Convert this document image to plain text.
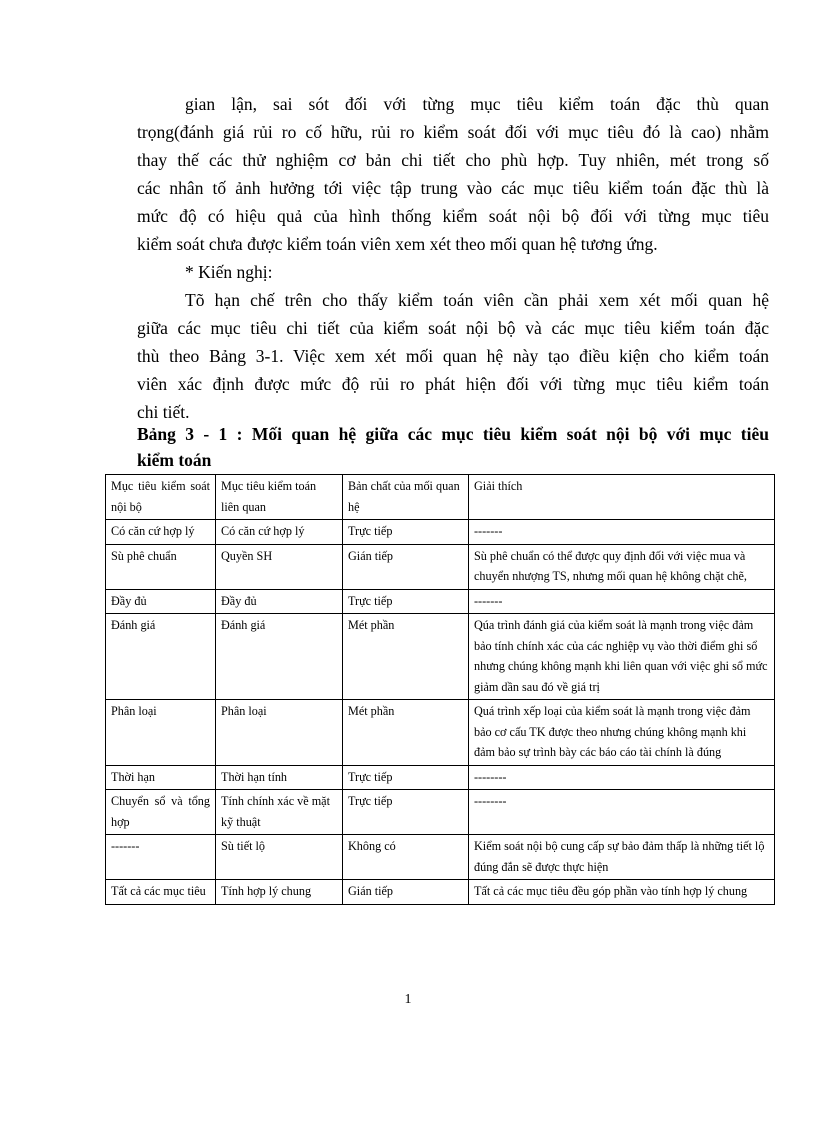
gian lận, sai sót đối với từng mục tiêu kiểm toán đặc thù quan
trọng(đánh giá rủi ro cố hữu, rủi ro kiểm soát đối với mục tiêu đó là cao) nhằm
thay thế các thử nghiệm cơ bản chi tiết cho phù hợp. Tuy nhiên, mét trong số
các nhân tố ảnh hưởng tới việc tập trung vào các mục tiêu kiểm toán đặc thù là
mức độ có hiệu quả của hình thống kiểm soát nội bộ đối với từng mục tiêu
kiểm soát chưa được kiểm toán viên xem xét theo mối quan hệ tương ứng.
* Kiến nghị:
Tõ hạn chế trên cho thấy kiểm toán viên cần phải xem xét mối quan hệ
giữa các mục tiêu chi tiết của kiểm soát nội bộ và các mục tiêu kiểm toán đặc
thù theo Bảng 3-1. Việc xem xét mối quan hệ này tạo điều kiện cho kiểm toán
viên xác định được mức độ rủi ro phát hiện đối với từng mục tiêu kiểm toán
chi tiết.
Bảng 3 - 1 : Mối quan hệ giữa các mục tiêu kiểm soát nội bộ với mục tiêu
kiểm toán
Mục tiêu kiểm soát nội bộ	Mục tiêu kiểm toán liên quan	Bản chất của mối quan hệ	Giải thích
Có căn cứ hợp lý	Có căn cứ hợp lý	Trực tiếp	-------
Sù phê chuẩn	Quyền SH	Gián tiếp	Sù phê chuẩn có thể được quy định đối với việc mua và chuyển nhượng TS, nhưng mối quan hệ không chặt chẽ,
Đầy đủ	Đầy đủ	Trực tiếp	-------
Đánh giá	Đánh giá	Mét phần	Qúa trình đánh giá của kiểm soát là mạnh trong việc đảm bảo tính chính xác của các nghiệp vụ vào thời điểm ghi sổ nhưng chúng không mạnh khi liên quan với việc ghi sổ mức giảm dần sau đó về giá trị
Phân loại	Phân loại	Mét phần	Quá trình xếp loại của kiểm soát là mạnh trong việc đảm bảo cơ cấu TK được theo nhưng chúng không mạnh khi đảm bảo sự trình bày các báo cáo tài chính là đúng
Thời hạn	Thời hạn tính	Trực tiếp	--------
Chuyển sổ và tổng hợp	Tính chính xác về mặt kỹ thuật	Trực tiếp	--------
-------	Sù tiết lộ	Không có	Kiểm soát nội bộ cung cấp sự bảo đảm thấp là những tiết lộ đúng đắn sẽ được thực hiện
Tất cả các mục tiêu	Tính hợp lý chung	Gián tiếp	Tất cả các mục tiêu đều góp phần vào tính hợp lý chung
1
